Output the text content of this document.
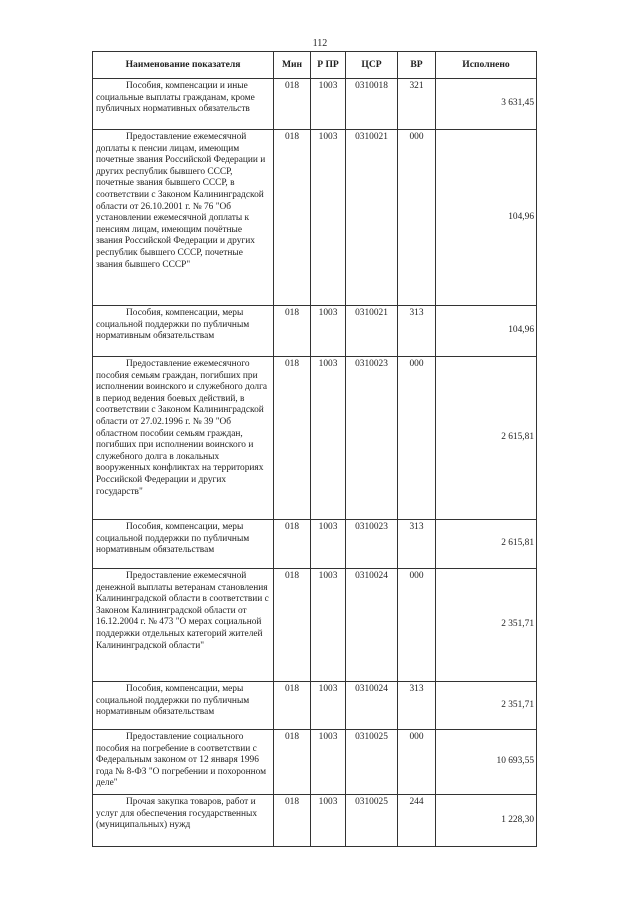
112
Наименование показателя	Мин	Р ПР	ЦСР	ВР	Исполнено

Пособия, компенсации и иные социальные выплаты гражданам, кроме публичных нормативных обязательств	018	1003	0310018	321	3 631,45

Предоставление ежемесячной доплаты к пенсии лицам, имеющим почетные звания Российской Федерации и других республик бывшего СССР, почетные звания бывшего СССР, в соответствии с Законом Калининградской области от 26.10.2001 г. № 76 "Об установлении ежемесячной доплаты к пенсиям лицам, имеющим почётные звания Российской Федерации и других республик бывшего СССР, почетные звания бывшего СССР"	018	1003	0310021	000	104,96

Пособия, компенсации, меры социальной поддержки по публичным нормативным обязательствам	018	1003	0310021	313	104,96

Предоставление ежемесячного пособия семьям граждан, погибших при исполнении воинского и служебного долга в период ведения боевых действий, в соответствии с Законом Калининградской области от 27.02.1996 г. № 39 "Об областном пособии семьям граждан, погибших при исполнении воинского и служебного долга в локальных вооруженных конфликтах на территориях Российской Федерации и других государств"	018	1003	0310023	000	2 615,81

Пособия, компенсации, меры социальной поддержки по публичным нормативным обязательствам	018	1003	0310023	313	2 615,81

Предоставление ежемесячной денежной выплаты ветеранам становления Калининградской области в соответствии с Законом Калининградской области от 16.12.2004 г. № 473 "О мерах социальной поддержки отдельных категорий жителей Калининградской области"	018	1003	0310024	000	2 351,71

Пособия, компенсации, меры социальной поддержки по публичным нормативным обязательствам	018	1003	0310024	313	2 351,71

Предоставление социального пособия на погребение в соответствии с Федеральным законом от 12 января 1996 года № 8-ФЗ "О погребении и похоронном деле"	018	1003	0310025	000	10 693,55

Прочая закупка товаров, работ и услуг для обеспечения государственных (муниципальных) нужд	018	1003	0310025	244	1 228,30
